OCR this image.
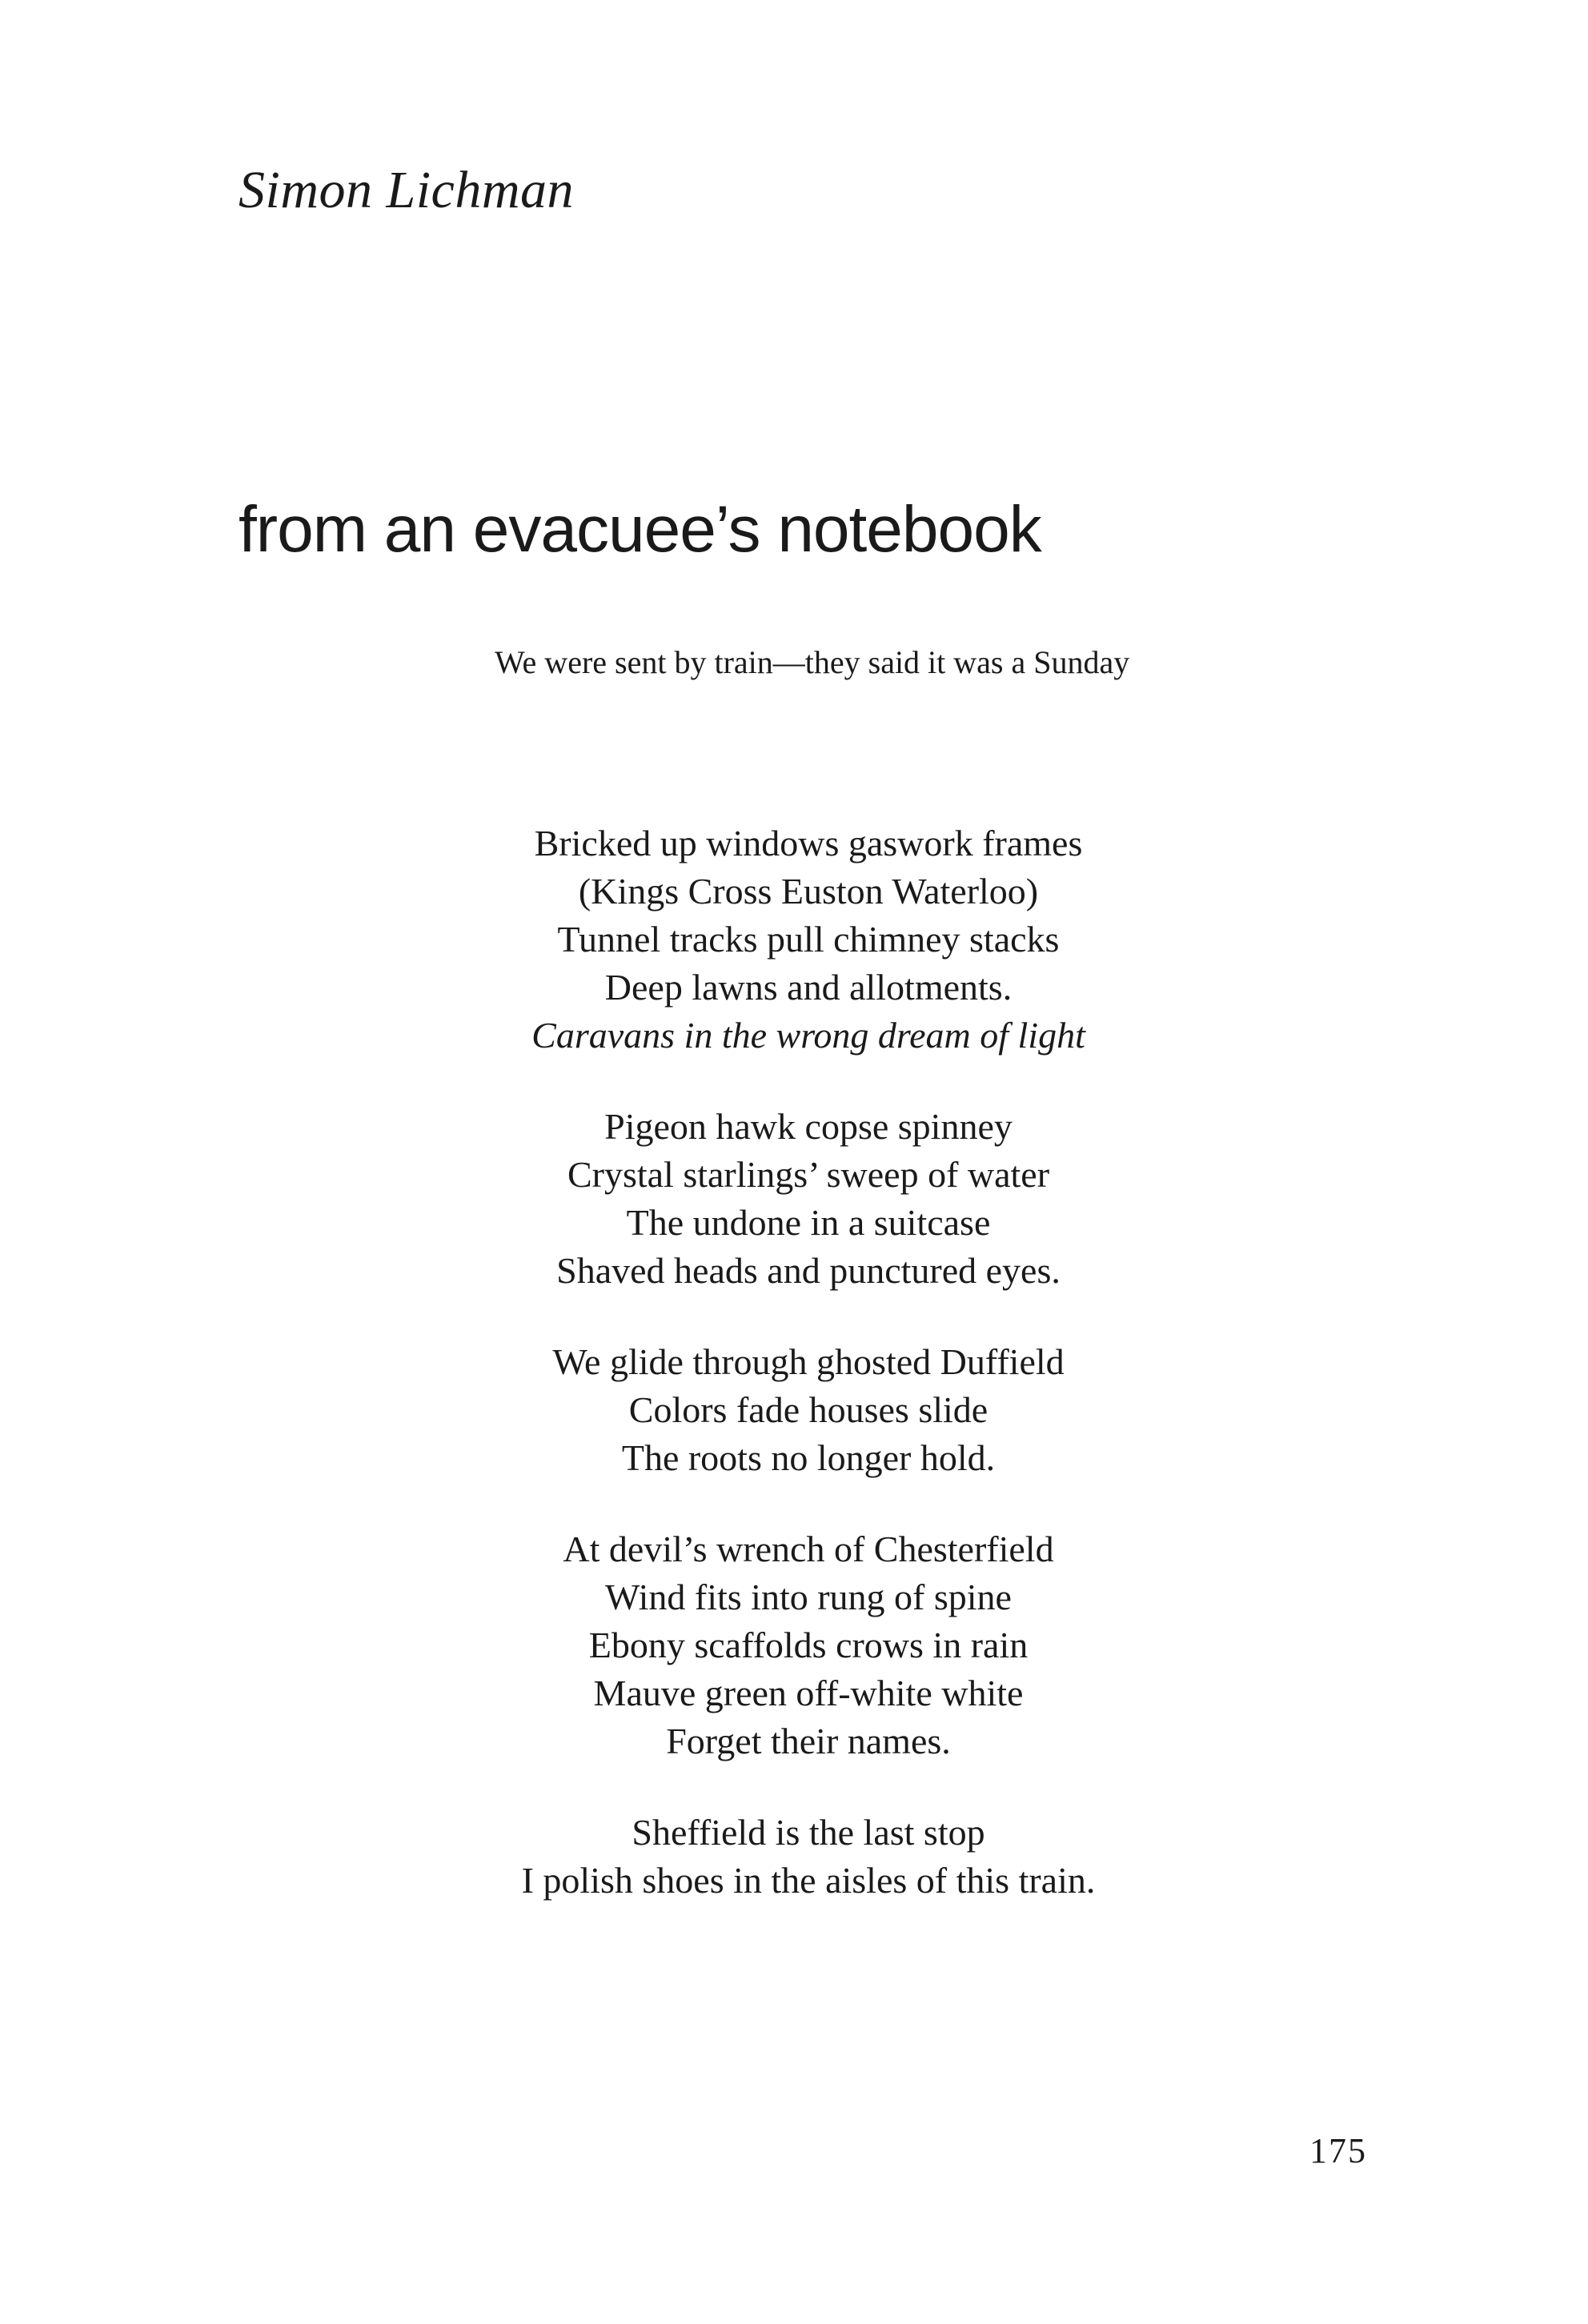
Simon Lichman
from an evacuee’s notebook

We were sent by train—they said it was a Sunday

Bricked up windows gaswork frames
(Kings Cross Euston Waterloo)
Tunnel tracks pull chimney stacks
Deep lawns and allotments.
Caravans in the wrong dream of light
Pigeon hawk copse spinney
Crystal starlings’ sweep of water
The undone in a suitcase
Shaved heads and punctured eyes.
We glide through ghosted Duffield
Colors fade houses slide
The roots no longer hold.
At devil’s wrench of Chesterfield
Wind fits into rung of spine
Ebony scaffolds crows in rain
Mauve green off-white white
Forget their names.
Sheffield is the last stop
I polish shoes in the aisles of this train.
175
